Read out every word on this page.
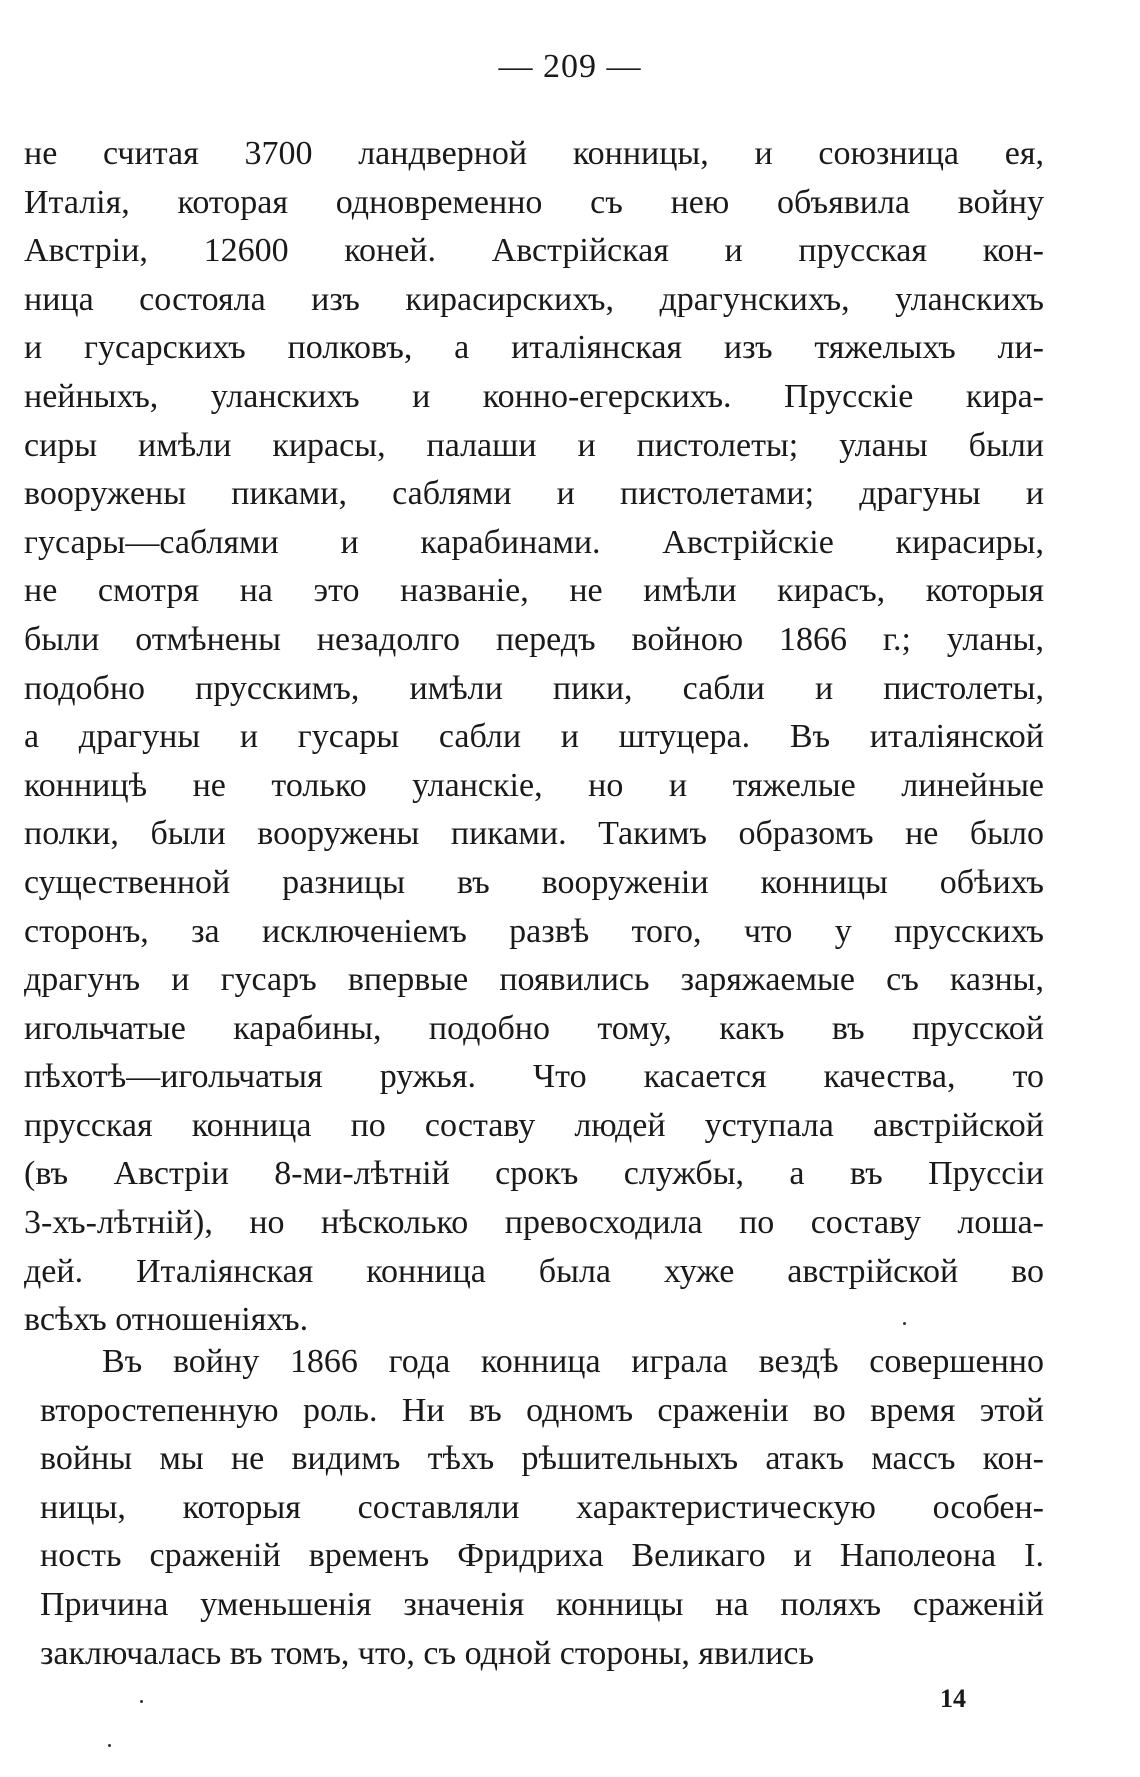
— 209 —
не считая 3700 ландверной конницы, и союзница ея,
Италія, которая одновременно съ нею объявила войну
Австріи, 12600 коней. Австрійская и прусская кон-
ница состояла изъ кирасирскихъ, драгунскихъ, уланскихъ
и гусарскихъ полковъ, а италіянская изъ тяжелыхъ ли-
нейныхъ, уланскихъ и конно-егерскихъ. Прусскіе кира-
сиры имѣли кирасы, палаши и пистолеты; уланы были
вооружены пиками, саблями и пистолетами; драгуны и
гусары—саблями и карабинами. Австрійскіе кирасиры,
не смотря на это названіе, не имѣли кирасъ, которыя
были отмѣнены незадолго передъ войною 1866 г.; уланы,
подобно прусскимъ, имѣли пики, сабли и пистолеты,
а драгуны и гусары сабли и штуцера. Въ италіянской
конницѣ не только уланскіе, но и тяжелые линейные
полки, были вооружены пиками. Такимъ образомъ не было
существенной разницы въ вооруженіи конницы обѣихъ
сторонъ, за исключеніемъ развѣ того, что у прусскихъ
драгунъ и гусаръ впервые появились заряжаемые съ казны,
игольчатые карабины, подобно тому, какъ въ прусской
пѣхотѣ—игольчатыя ружья. Что касается качества, то
прусская конница по составу людей уступала австрійской
(въ Австріи 8-ми-лѣтній срокъ службы, а въ Пруссіи
3-хъ-лѣтній), но нѣсколько превосходила по составу лоша-
дей. Италіянская конница была хуже австрійской во
всѣхъ отношеніяхъ.
Въ войну 1866 года конница играла вездѣ совершенно
второстепенную роль. Ни въ одномъ сраженіи во время этой
войны мы не видимъ тѣхъ рѣшительныхъ атакъ массъ кон-
ницы, которыя составляли характеристическую особен-
ность сраженій временъ Фридриха Великаго и Наполеона I.
Причина уменьшенія значенія конницы на поляхъ сраженій
заключалась въ томъ, что, съ одной стороны, явились
14
